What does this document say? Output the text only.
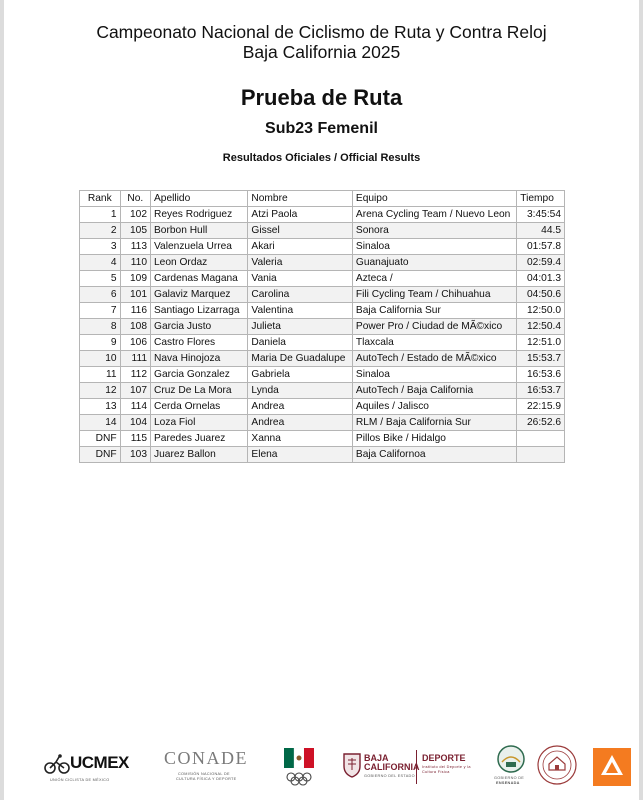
Campeonato Nacional de Ciclismo de Ruta y Contra Reloj
Baja California 2025
Prueba de Ruta
Sub23 Femenil
Resultados Oficiales / Official Results
Rank	No.	Apellido	Nombre	Equipo	Tiempo
1	102	Reyes Rodriguez	Atzi Paola	Arena Cycling Team / Nuevo Leon	3:45:54
2	105	Borbon Hull	Gissel	Sonora	44.5
3	113	Valenzuela Urrea	Akari	Sinaloa	01:57.8
4	110	Leon Ordaz	Valeria	Guanajuato	02:59.4
5	109	Cardenas Magana	Vania	Azteca /	04:01.3
6	101	Galaviz Marquez	Carolina	Fili Cycling Team / Chihuahua	04:50.6
7	116	Santiago Lizarraga	Valentina	Baja California Sur	12:50.0
8	108	Garcia Justo	Julieta	Power Pro / Ciudad de MÃ©xico	12:50.4
9	106	Castro Flores	Daniela	Tlaxcala	12:51.0
10	111	Nava Hinojoza	Maria De Guadalupe	AutoTech / Estado de MÃ©xico	15:53.7
11	112	Garcia Gonzalez	Gabriela	Sinaloa	16:53.6
12	107	Cruz De La Mora	Lynda	AutoTech / Baja California	16:53.7
13	114	Cerda Ornelas	Andrea	Aquiles / Jalisco	22:15.9
14	104	Loza Fiol	Andrea	RLM / Baja California Sur	26:52.6
DNF	115	Paredes Juarez	Xanna	Pillos Bike / Hidalgo	
DNF	103	Juarez Ballon	Elena	Baja Californoa	
UCMEX
UNIÓN CICLISTA DE MÉXICO
CONADE
COMISIÓN NACIONAL DE
CULTURA FÍSICA Y DEPORTE
BAJA
CALIFORNIA
GOBIERNO DEL ESTADO
DEPORTE
Instituto del Deporte y la
Cultura Física
GOBIERNO DE
ENSENADA
